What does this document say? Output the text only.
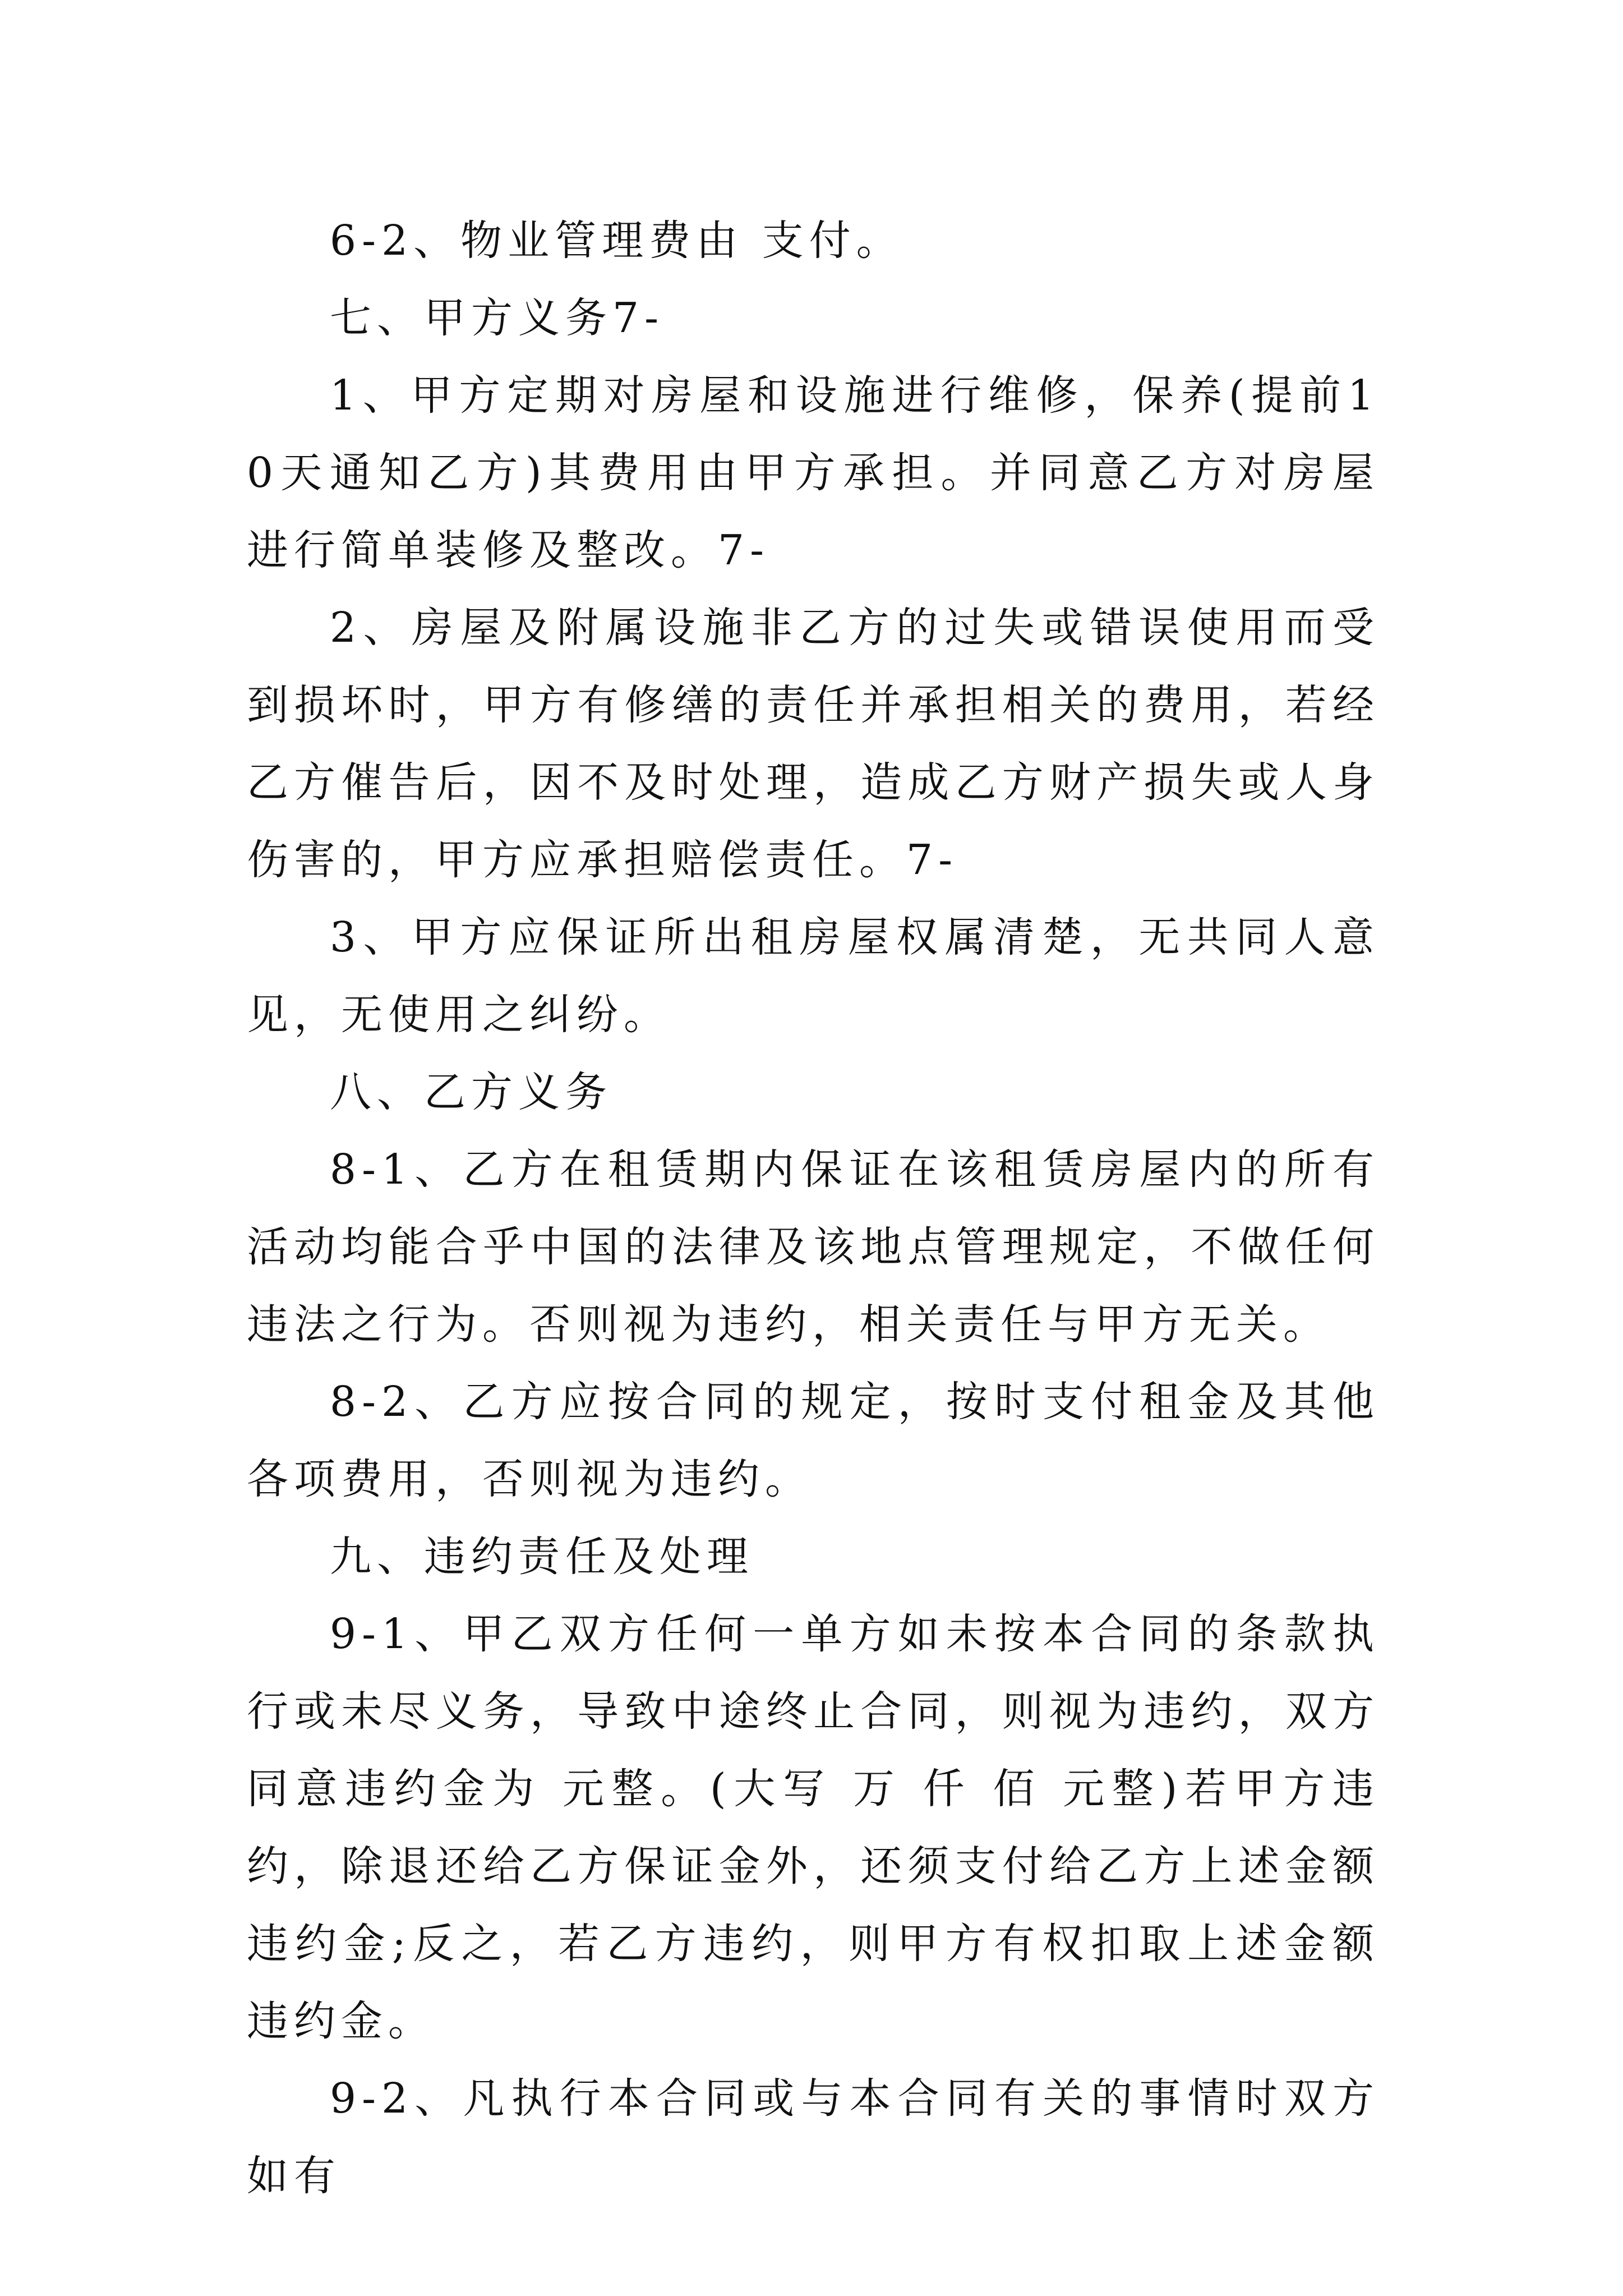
6-2、物业管理费由 支付。

七、甲方义务7-

1、甲方定期对房屋和设施进行维修，保养(提前10天通知乙方)其费用由甲方承担。并同意乙方对房屋进行简单装修及整改。7-

2、房屋及附属设施非乙方的过失或错误使用而受到损坏时，甲方有修缮的责任并承担相关的费用，若经乙方催告后，因不及时处理，造成乙方财产损失或人身伤害的，甲方应承担赔偿责任。7-

3、甲方应保证所出租房屋权属清楚，无共同人意见，无使用之纠纷。

八、乙方义务

8-1、乙方在租赁期内保证在该租赁房屋内的所有活动均能合乎中国的法律及该地点管理规定，不做任何违法之行为。否则视为违约，相关责任与甲方无关。

8-2、乙方应按合同的规定，按时支付租金及其他各项费用，否则视为违约。

九、违约责任及处理

9-1、甲乙双方任何一单方如未按本合同的条款执行或未尽义务，导致中途终止合同，则视为违约，双方同意违约金为 元整。(大写 万 仟 佰 元整)若甲方违约，除退还给乙方保证金外，还须支付给乙方上述金额违约金;反之，若乙方违约，则甲方有权扣取上述金额违约金。

9-2、凡执行本合同或与本合同有关的事情时双方如有
